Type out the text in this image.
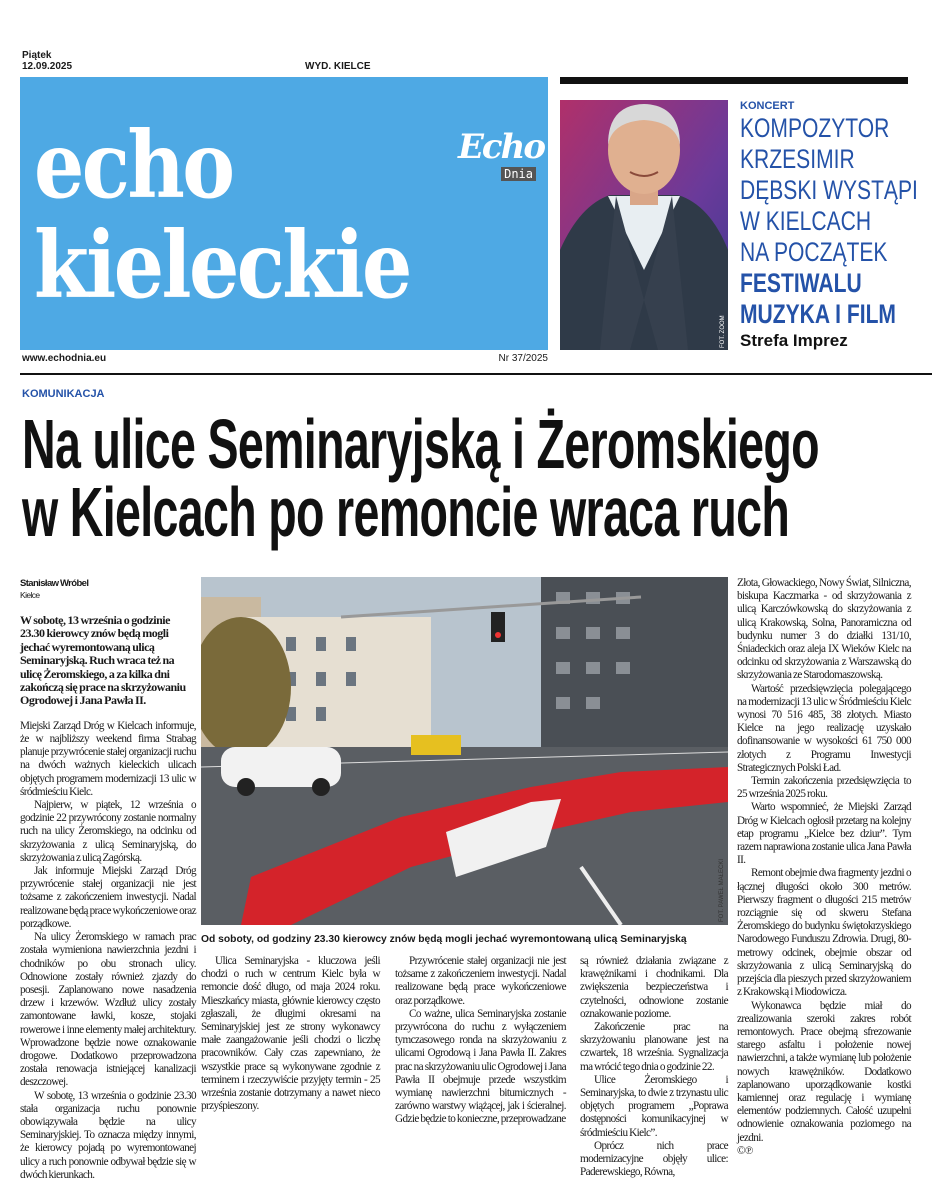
Piątek
12.09.2025	WYD. KIELCE
echo
kieleckie
Echo
Dnia
FOT. ZOOM
KONCERT
KOMPOZYTOR
KRZESIMIR
DĘBSKI WYSTĄPI
W KIELCACH
NA POCZĄTEK
FESTIWALU
MUZYKA I FILM
Strefa Imprez
www.echodnia.eu	Nr 37/2025
KOMUNIKACJA
Na ulice Seminaryjską i Żeromskiego
w Kielcach po remoncie wraca ruch
Stanisław Wróbel
Kielce
W sobotę, 13 września o godzinie 23.30 kierowcy znów będą mogli jechać wyremontowaną ulicą Seminaryjską. Ruch wraca też na ulicę Żeromskiego, a za kilka dni zakończą się prace na skrzyżowaniu Ogrodowej i Jana Pawła II.

Miejski Zarząd Dróg w Kielcach informuje, że w najbliższy weekend firma Strabag planuje przywrócenie stałej organizacji ruchu na dwóch ważnych kieleckich ulicach objętych programem modernizacji 13 ulic w śródmieściu Kielc.

Najpierw, w piątek, 12 września o godzinie 22 przywrócony zostanie normalny ruch na ulicy Żeromskiego, na odcinku od skrzyżowania z ulicą Seminaryjską, do skrzyżowania z ulicą Zagórską.

Jak informuje Miejski Zarząd Dróg przywrócenie stałej organizacji nie jest tożsame z zakończeniem inwestycji. Nadal realizowane będą prace wykończeniowe oraz porządkowe.

Na ulicy Żeromskiego w ramach prac została wymieniona nawierzchnia jezdni i chodników po obu stronach ulicy. Odnowione zostały również zjazdy do posesji. Zaplanowano nowe nasadzenia drzew i krzewów. Wzdłuż ulicy zostały zamontowane ławki, kosze, stojaki rowerowe i inne elementy małej architektury. Wprowadzone będzie nowe oznakowanie drogowe. Dodatkowo przeprowadzona została renowacja istniejącej kanalizacji deszczowej.

W sobotę, 13 września o godzinie 23.30 stała organizacja ruchu ponownie obowiązywała będzie na ulicy Seminaryjskiej. To oznacza między innymi, że kierowcy pojadą po wyremontowanej ulicy a ruch ponownie odbywał będzie się w dwóch kierunkach.

FOT. PAWEŁ MAŁECKI
Od soboty, od godziny 23.30 kierowcy znów będą mogli jechać wyremontowaną ulicą Seminaryjską

Ulica Seminaryjska - kluczowa jeśli chodzi o ruch w centrum Kielc była w remoncie dość długo, od maja 2024 roku. Mieszkańcy miasta, głównie kierowcy często zgłaszali, że długimi okresami na Seminaryjskiej jest ze strony wykonawcy małe zaangażowanie jeśli chodzi o liczbę pracowników. Cały czas zapewniano, że wszystkie prace są wykonywane zgodnie z terminem i rzeczywiście przyjęty termin - 25 września zostanie dotrzymany a nawet nieco przyśpieszony.

Przywrócenie stałej organizacji nie jest tożsame z zakończeniem inwestycji. Nadal realizowane będą prace wykończeniowe oraz porządkowe.

Co ważne, ulica Seminaryjska zostanie przywrócona do ruchu z wyłączeniem tymczasowego ronda na skrzyżowaniu z ulicami Ogrodową i Jana Pawła II. Zakres prac na skrzyżowaniu ulic Ogrodowej i Jana Pawła II obejmuje przede wszystkim wymianę nawierzchni bitumicznych - zarówno warstwy wiążącej, jak i ścieralnej. Gdzie będzie to konieczne, przeprowadzane

są również działania związane z krawężnikami i chodnikami. Dla zwiększenia bezpieczeństwa i czytelności, odnowione zostanie oznakowanie poziome.

Zakończenie prac na skrzyżowaniu planowane jest na czwartek, 18 września. Sygnalizacja ma wrócić tego dnia o godzinie 22.

Ulice Żeromskiego i Seminaryjska, to dwie z trzynastu ulic objętych programem „Poprawa dostępności komunikacyjnej w śródmieściu Kielc”.

Oprócz nich prace modernizacyjne objęły ulice: Paderewskiego, Równa,

Złota, Głowackiego, Nowy Świat, Silniczna, biskupa Kaczmarka - od skrzyżowania z ulicą Karczówkowską do skrzyżowania z ulicą Krakowską, Solna, Panoramiczna od budynku numer 3 do działki 131/10, Śniadeckich oraz aleja IX Wieków Kielc na odcinku od skrzyżowania z Warszawską do skrzyżowania ze Starodomaszowską.

Wartość przedsięwzięcia polegającego na modernizacji 13 ulic w Śródmieściu Kielc wynosi 70 516 485, 38 złotych. Miasto Kielce na jego realizację uzyskało dofinansowanie w wysokości 61 750 000 złotych z Programu Inwestycji Strategicznych Polski Ład.

Termin zakończenia przedsięwzięcia to 25 września 2025 roku.

Warto wspomnieć, że Miejski Zarząd Dróg w Kielcach ogłosił przetarg na kolejny etap programu „Kielce bez dziur”. Tym razem naprawiona zostanie ulica Jana Pawła II.

Remont obejmie dwa fragmenty jezdni o łącznej długości około 300 metrów. Pierwszy fragment o długości 215 metrów rozciągnie się od skweru Stefana Żeromskiego do budynku świętokrzyskiego Narodowego Funduszu Zdrowia. Drugi, 80-metrowy odcinek, obejmie obszar od skrzyżowania z ulicą Seminaryjską do przejścia dla pieszych przed skrzyżowaniem z Krakowską i Miodowicza.

Wykonawca będzie miał do zrealizowania szeroki zakres robót remontowych. Prace obejmą sfrezowanie starego asfaltu i położenie nowej nawierzchni, a także wymianę lub położenie nowych krawężników. Dodatkowo zaplanowano uporządkowanie kostki kamiennej oraz regulację i wymianę elementów podziemnych. Całość uzupełni odnowienie oznakowania poziomego na jezdni.

©℗
